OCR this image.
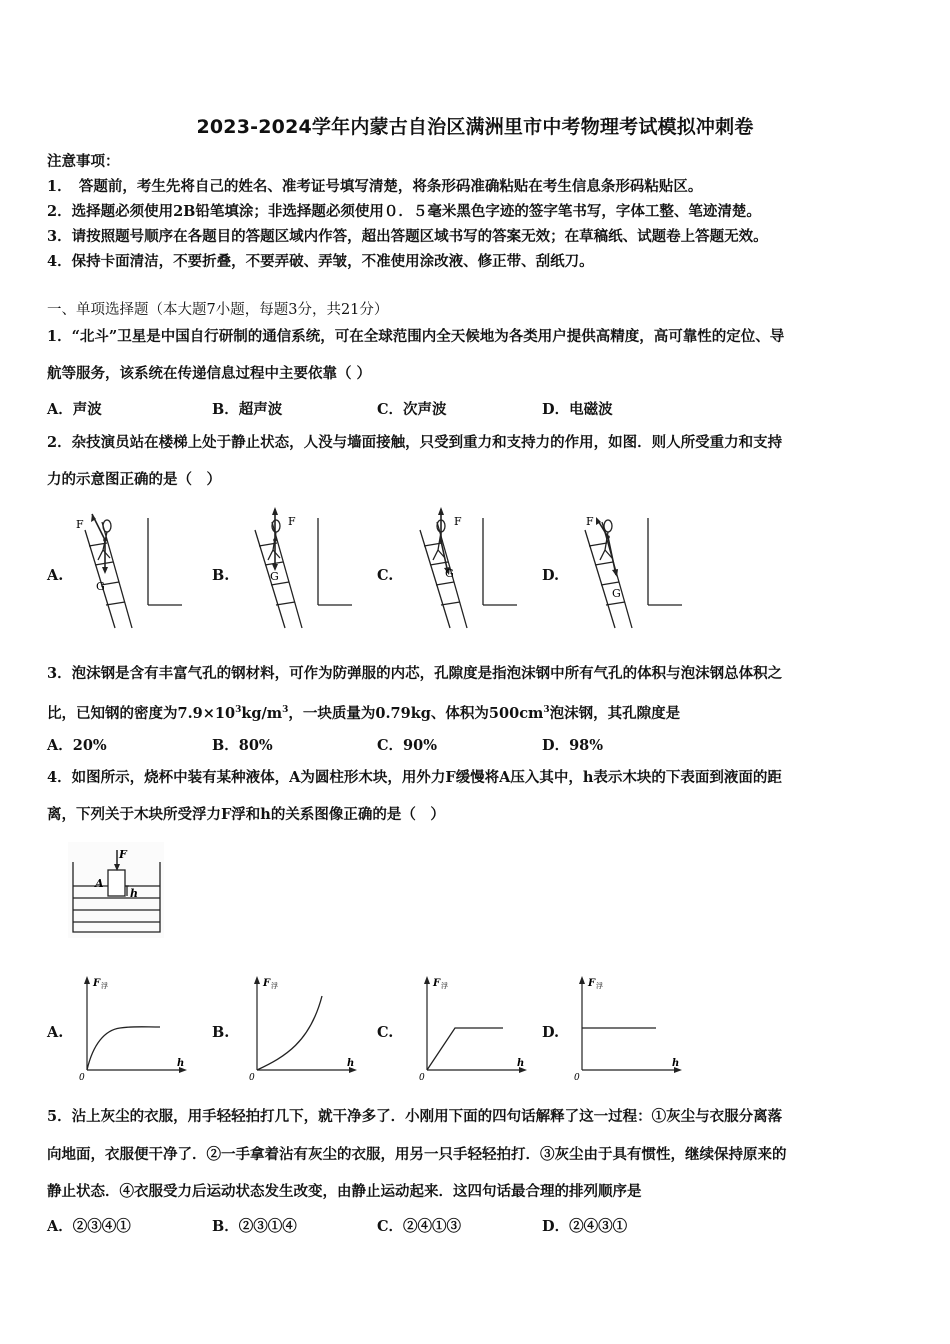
2023-2024学年内蒙古自治区满洲里市中考物理考试模拟冲刺卷
注意事项：
1．　答题前，考生先将自己的姓名、准考证号填写清楚，将条形码准确粘贴在考生信息条形码粘贴区。
2．选择题必须使用2B铅笔填涂；非选择题必须使用０．５毫米黑色字迹的签字笔书写，字体工整、笔迹清楚。
3．请按照题号顺序在各题目的答题区域内作答，超出答题区域书写的答案无效；在草稿纸、试题卷上答题无效。
4．保持卡面清洁，不要折叠，不要弄破、弄皱，不准使用涂改液、修正带、刮纸刀。
一、单项选择题（本大题7小题，每题3分，共21分）
1．“北斗”卫星是中国自行研制的通信系统，可在全球范围内全天候地为各类用户提供高精度，高可靠性的定位、导
航等服务，该系统在传递信息过程中主要依靠（ ）
A．声波	B．超声波	C．次声波	D．电磁波
2．杂技演员站在楼梯上处于静止状态，人没与墙面接触，只受到重力和支持力的作用，如图．则人所受重力和支持
力的示意图正确的是（　）
A.	B.	C.	D.
F
G
F
G
F
G
F
G
3．泡沫钢是含有丰富气孔的钢材料，可作为防弹服的内芯，孔隙度是指泡沫钢中所有气孔的体积与泡沫钢总体积之
比，已知钢的密度为$7.9\times 10^3kg/m^3$，一块质量为0.79kg、体积为$500cm^3$泡沫钢，其孔隙度是
A．20%	B．80%	C．90%	D．98%
4．如图所示，烧杯中装有某种液体，A为圆柱形木块，用外力F缓慢将A压入其中，h表示木块的下表面到液面的距
离，下列关于木块所受浮力F浮和h的关系图像正确的是（　）
F
A
h
A.	B.	C.	D.
F 浮
h
0
F 浮
h
0
F 浮
h
0
F 浮
h
0
5．沾上灰尘的衣服，用手轻轻拍打几下，就干净多了．小刚用下面的四句话解释了这一过程：①灰尘与衣服分离落
向地面，衣服便干净了．②一手拿着沾有灰尘的衣服，用另一只手轻轻拍打．③灰尘由于具有惯性，继续保持原来的
静止状态．④衣服受力后运动状态发生改变，由静止运动起来．这四句话最合理的排列顺序是
A．②③④①	B．②③①④	C．②④①③	D．②④③①
